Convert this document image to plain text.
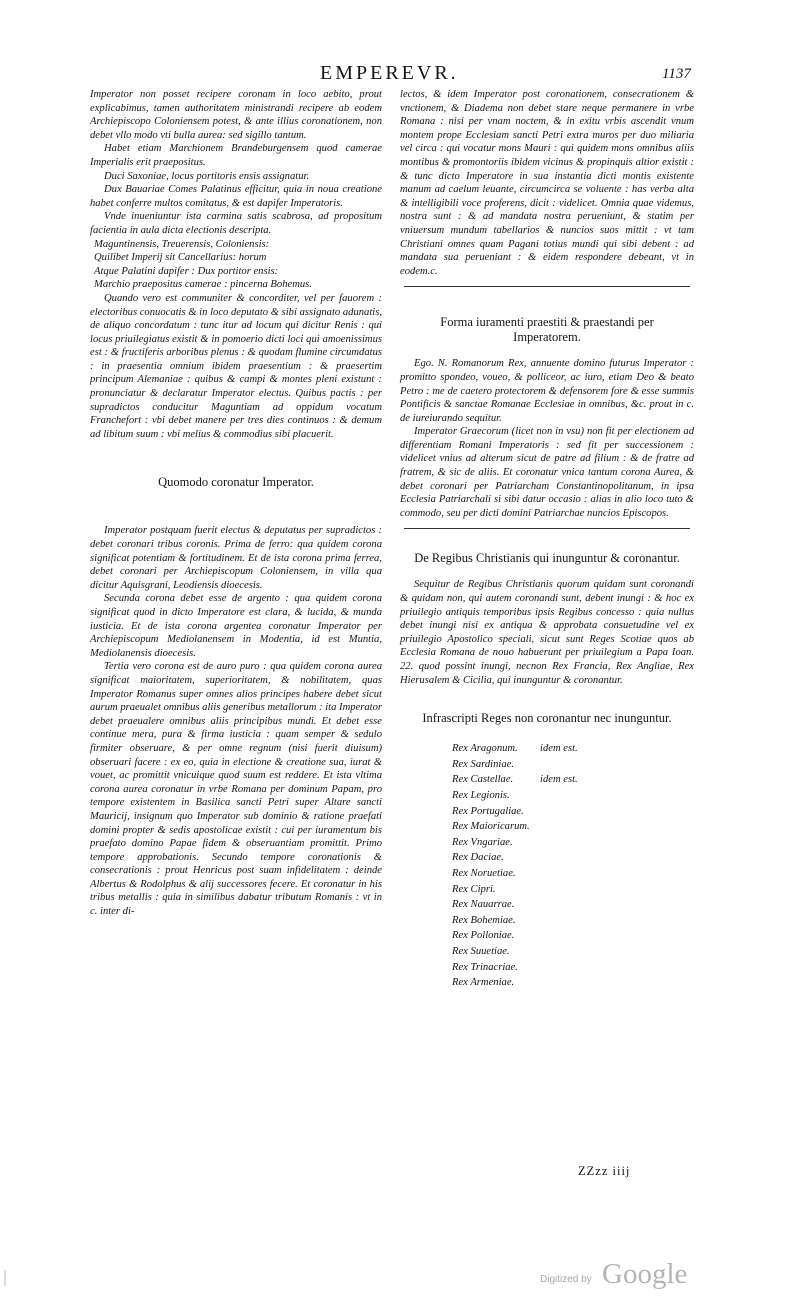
EMPEREVR.	1137

Imperator non posset recipere coronam in loco aebito, prout explicabimus, tamen authoritatem ministrandi recipere ab eodem Archiepiscopo Coloniensem potest, & ante illius coronationem, non debet vllo modo vti bulla aurea: sed sigillo tantum.

Habet etiam Marchionem Brandeburgensem quod camerae Imperialis erit praepositus.

Duci Saxoniae, locus portitoris ensis assignatur.

Dux Bauariae Comes Palatinus efficitur, quia in noua creatione habet conferre multos comitatus, & est dapifer Imperatoris.

Vnde inueniuntur ista carmina satis scabrosa, ad propositum facientia in aula dicta electionis descripta.

Maguntinensis, Treuerensis, Coloniensis:
Quilibet Imperij sit Cancellarius: horum
Atque Palatini dapifer : Dux portitor ensis:
Marchio praepositus camerae : pincerna Bohemus.

Quando vero est communiter & concorditer, vel per fauorem : electoribus conuocatis & in loco deputato & sibi assignato adunatis, de aliquo concordatum : tunc itur ad locum qui dicitur Renis : qui locus priuilegiatus existit & in pomoerio dicti loci qui amoenissimus est : & fructiferis arboribus plenus : & quodam flumine circumdatus : in praesentia omnium ibidem praesentium : & praesertim principum Alemaniae : quibus & campi & montes pleni existunt : pronunciatur & declaratur Imperator electus. Quibus pactis : per supradictos conducitur Maguntiam ad oppidum vocatum Franchefort : vbi debet manere per tres dies continuos : & demum ad libitum suum : vbi melius & commodius sibi placuerit.

Quomodo coronatur Imperator.

Imperator postquam fuerit electus & deputatus per supradictos : debet coronari tribus coronis. Prima de ferro: qua quidem corona significat potentiam & fortitudinem. Et de ista corona prima ferrea, debet coronari per Archiepiscopum Coloniensem, in villa qua dicitur Aquisgrani, Leodiensis dioecesis.

Secunda corona debet esse de argento : qua quidem corona significat quod in dicto Imperatore est clara, & lucida, & munda iusticia. Et de ista corona argentea coronatur Imperator per Archiepiscopum Mediolanensem in Modentia, id est Muntia, Mediolanensis dioecesis.

Tertia vero corona est de auro puro : qua quidem corona aurea significat maioritatem, superioritatem, & nobilitatem, quas Imperator Romanus super omnes alios principes habere debet sicut aurum praeualet omnibus aliis generibus metallorum : ita Imperator debet praeualere omnibus aliis principibus mundi. Et debet esse continue mera, pura & firma iusticia : quam semper & sedulo firmiter obseruare, & per omne regnum (nisi fuerit diuisum) obseruari facere : ex eo, quia in electione & creatione sua, iurat & vouet, ac promittit vnicuique quod suum est reddere. Et ista vltima corona aurea coronatur in vrbe Romana per dominum Papam, pro tempore existentem in Basilica sancti Petri super Altare sancti Mauricij, insignum quo Imperator sub dominio & ratione praefati domini propter & sedis apostolicae existit : cui per iuramentum bis praefato domino Papae fidem & obseruantiam promittit. Primo tempore approbationis. Secundo tempore coronationis & consecrationis : prout Henricus post suam infidelitatem : deinde Albertus & Rodolphus & alij successores fecere. Et coronatur in his tribus metallis : quia in similibus dabatur tributum Romanis : vt in c. inter di-

lectos, & idem Imperator post coronationem, consecrationem & vnctionem, & Diadema non debet stare neque permanere in vrbe Romana : nisi per vnam noctem, & in exitu vrbis ascendit vnum montem prope Ecclesiam sancti Petri extra muros per duo miliaria vel circa : qui vocatur mons Mauri : qui quidem mons omnibus aliis montibus & promontoriis ibidem vicinus & propinquis altior existit : & tunc dicto Imperatore in sua instantia dicti montis existente manum ad caelum leuante, circumcirca se voluente : has verba alta & intelligibili voce proferens, dicit : videlicet. Omnia quae videmus, nostra sunt : & ad mandata nostra perueniunt, & statim per vniuersum mundum tabellarios & nuncios suos mittit : vt tam Christiani omnes quam Pagani totius mundi qui sibi debent : ad mandata sua perueniant : & eidem respondere debeant, vt in eodem.c.

Forma iuramenti praestiti & praestandi per Imperatorem.

Ego. N. Romanorum Rex, annuente domino futurus Imperator : promitto spondeo, voueo, & polliceor, ac iuro, etiam Deo & beato Petro : me de caetero protectorem & defensorem fore & esse summis Pontificis & sanctae Romanae Ecclesiae in omnibus, &c. prout in c. de iureiurando sequitur.

Imperator Graecorum (licet non in vsu) non fit per electionem ad differentiam Romani Imperatoris : sed fit per successionem : videlicet vnius ad alterum sicut de patre ad filium : & de fratre ad fratrem, & sic de aliis. Et coronatur vnica tantum corona Aurea, & debet coronari per Patriarcham Constantinopolitanum, in ipsa Ecclesia Patriarchali si sibi datur occasio : alias in alio loco tuto & commodo, seu per dicti domini Patriarchae nuncios Episcopos.

De Regibus Christianis qui inunguntur & coronantur.

Sequitur de Regibus Christianis quorum quidam sunt coronandi & quidam non, qui autem coronandi sunt, debent inungi : & hoc ex priuilegio antiquis temporibus ipsis Regibus concesso : quia nullus debet inungi nisi ex antiqua & approbata consuetudine vel ex priuilegio Apostolico speciali, sicut sunt Reges Scotiae quos ab Ecclesia Romana de nouo habuerunt per priuilegium a Papa Ioan. 22. quod possint inungi, necnon Rex Francia, Rex Angliae, Rex Hierusalem & Cicilia, qui inunguntur & coronantur.

Infrascripti Reges non coronantur nec inunguntur.
Rex Aragonum. idem est.
Rex Sardiniae.
Rex Castellae.	idem est.
Rex Legionis.
Rex Portugaliae.
Rex Maioricarum.
Rex Vngariae.
Rex Daciae.
Rex Noruetiae.
Rex Cipri.
Rex Nauarrae.
Rex Bohemiae.
Rex Polloniae.
Rex Suuetiae.
Rex Trinacriae.
Rex Armeniae.
ZZzz iiij
Digitized by Google
